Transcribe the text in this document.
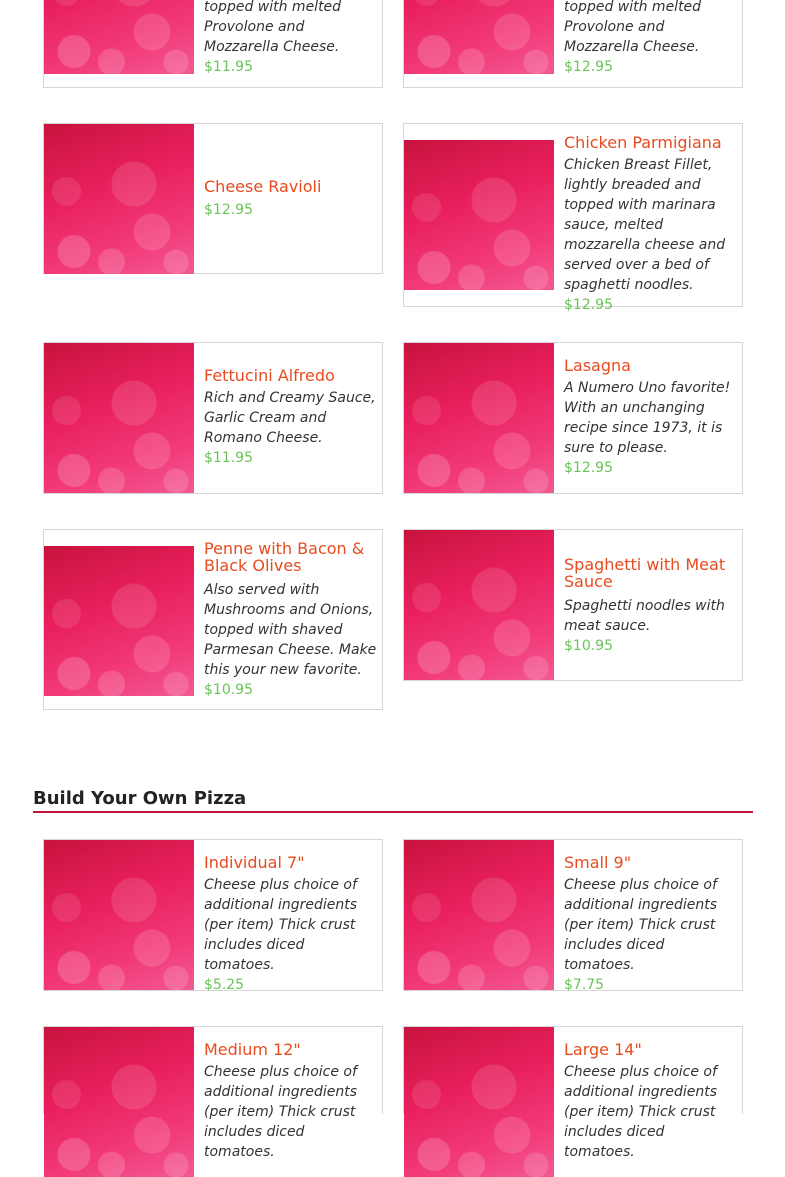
topped with melted Provolone and Mozzarella Cheese.
$11.95
topped with melted Provolone and Mozzarella Cheese.
$12.95
Cheese Ravioli
$12.95
Chicken Parmigiana
Chicken Breast Fillet, lightly breaded and topped with marinara sauce, melted mozzarella cheese and served over a bed of spaghetti noodles.
$12.95
Fettucini Alfredo
Rich and Creamy Sauce, Garlic Cream and Romano Cheese.
$11.95
Lasagna
A Numero Uno favorite! With an unchanging recipe since 1973, it is sure to please.
$12.95
Penne with Bacon & Black Olives
Also served with Mushrooms and Onions, topped with shaved Parmesan Cheese. Make this your new favorite.
$10.95
Spaghetti with Meat Sauce
Spaghetti noodles with meat sauce.
$10.95
Build Your Own Pizza
Individual 7"
Cheese plus choice of additional ingredients (per item) Thick crust includes diced tomatoes.
$5.25
Small 9"
Cheese plus choice of additional ingredients (per item) Thick crust includes diced tomatoes.
$7.75
Medium 12"
Cheese plus choice of additional ingredients (per item) Thick crust includes diced tomatoes.
Large 14"
Cheese plus choice of additional ingredients (per item) Thick crust includes diced tomatoes.
